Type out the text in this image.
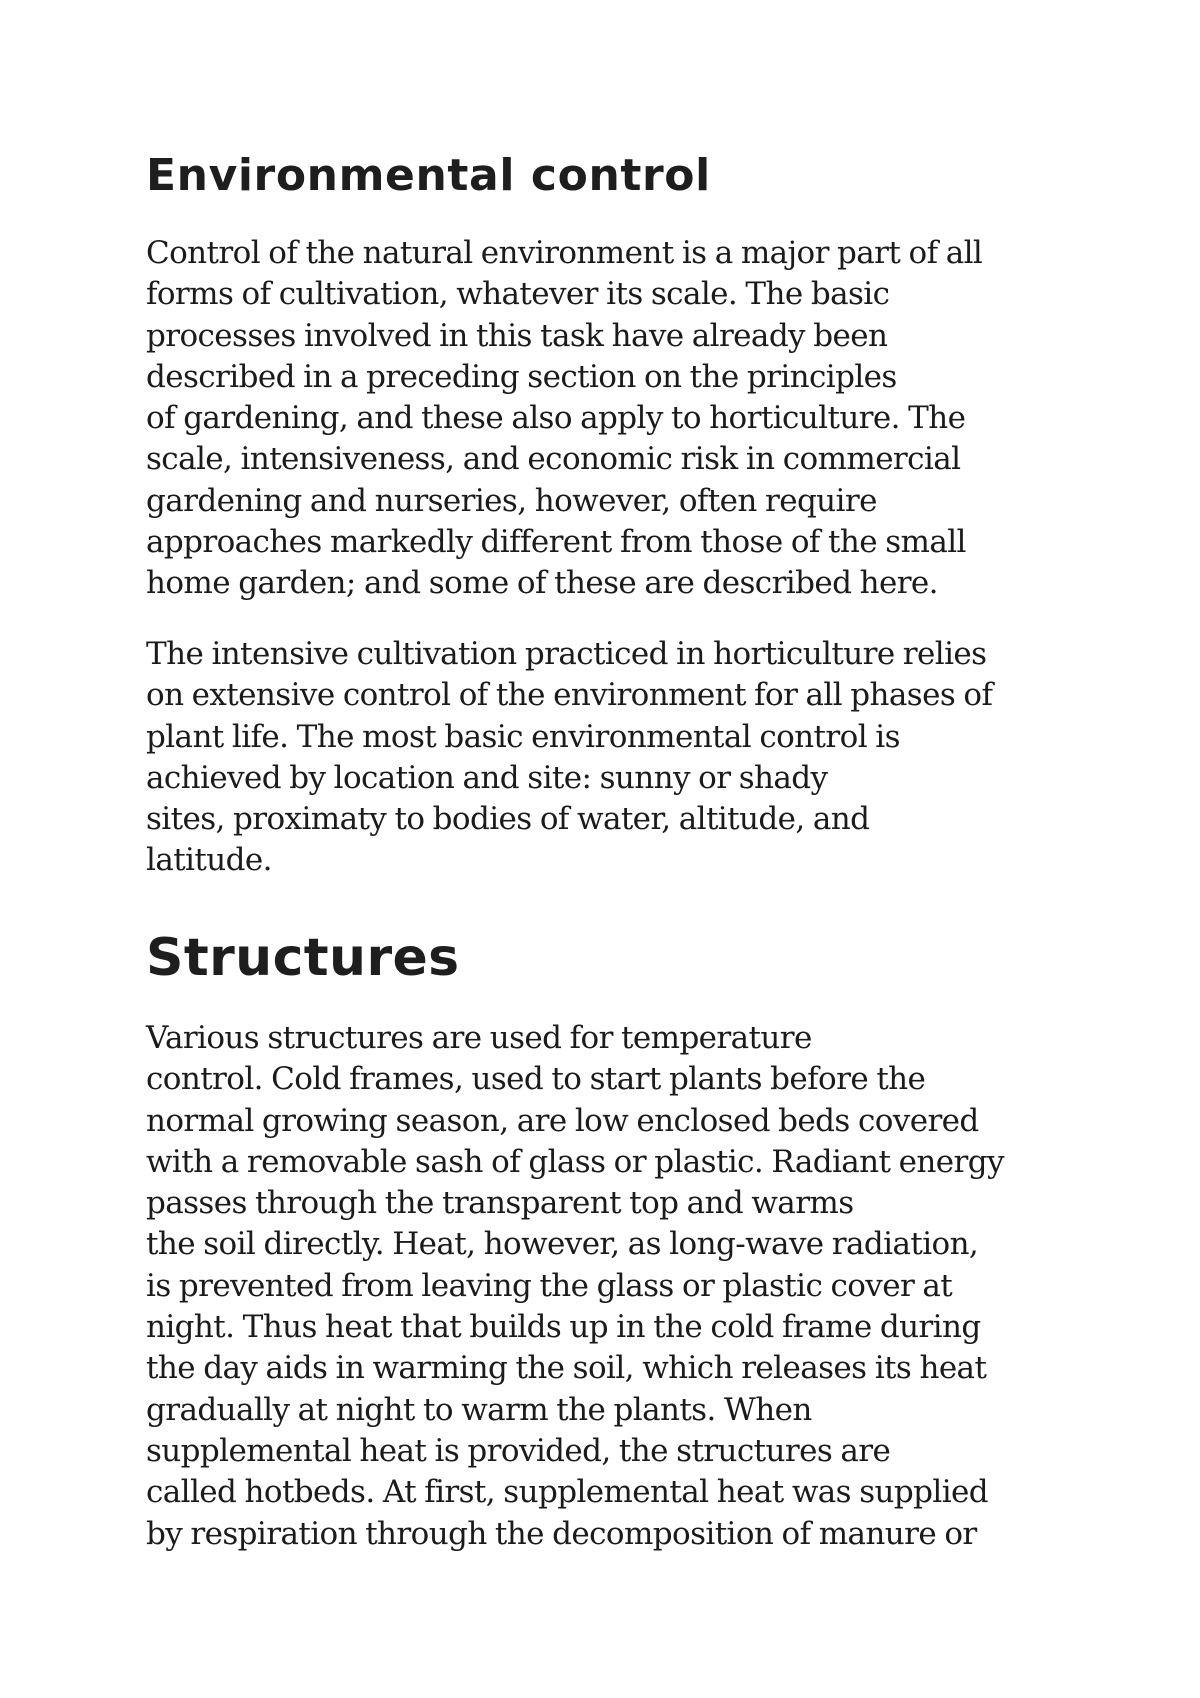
Environmental control

Control of the natural environment is a major part of all
forms of cultivation, whatever its scale. The basic
processes involved in this task have already been
described in a preceding section on the principles
of gardening, and these also apply to horticulture. The
scale, intensiveness, and economic risk in commercial
gardening and nurseries, however, often require
approaches markedly different from those of the small
home garden; and some of these are described here.

The intensive cultivation practiced in horticulture relies
on extensive control of the environment for all phases of
plant life. The most basic environmental control is
achieved by location and site: sunny or shady
sites, proximaty to bodies of water, altitude, and
latitude.

Structures

Various structures are used for temperature
control. Cold frames, used to start plants before the
normal growing season, are low enclosed beds covered
with a removable sash of glass or plastic. Radiant energy
passes through the transparent top and warms
the soil directly. Heat, however, as long-wave radiation,
is prevented from leaving the glass or plastic cover at
night. Thus heat that builds up in the cold frame during
the day aids in warming the soil, which releases its heat
gradually at night to warm the plants. When
supplemental heat is provided, the structures are
called hotbeds. At first, supplemental heat was supplied
by respiration through the decomposition of manure or
